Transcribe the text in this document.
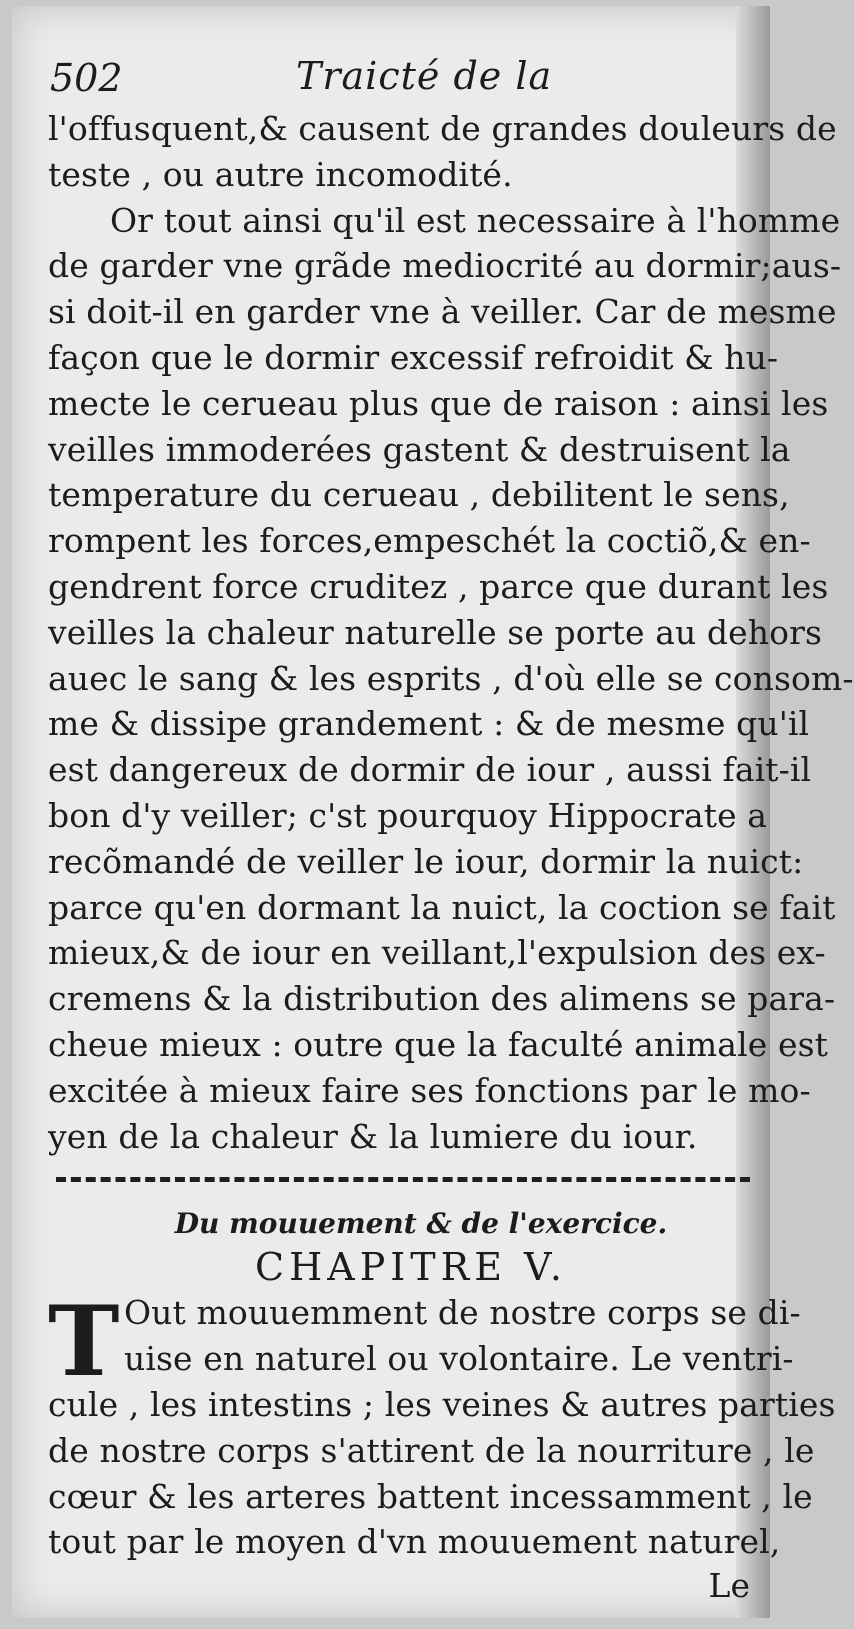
502	Traicté de la
l'offusquent,& causent de grandes douleurs de
teste , ou autre incomodité.
Or tout ainsi qu'il est necessaire à l'homme
de garder vne grãde mediocrité au dormir;aus-
si doit-il en garder vne à veiller. Car de mesme
façon que le dormir excessif refroidit & hu-
mecte le cerueau plus que de raison : ainsi les
veilles immoderées gastent & destruisent la
temperature du cerueau , debilitent le sens,
rompent les forces,empeschét la coctiõ,& en-
gendrent force cruditez , parce que durant les
veilles la chaleur naturelle se porte au dehors
auec le sang & les esprits , d'où elle se consom-
me & dissipe grandement : & de mesme qu'il
est dangereux de dormir de iour , aussi fait-il
bon d'y veiller; c'st pourquoy Hippocrate a
recõmandé de veiller le iour, dormir la nuict:
parce qu'en dormant la nuict, la coction se fait
mieux,& de iour en veillant,l'expulsion des ex-
cremens & la distribution des alimens se para-
cheue mieux : outre que la faculté animale est
excitée à mieux faire ses fonctions par le mo-
yen de la chaleur & la lumiere du iour.
Du mouuement & de l'exercice.
CHAPITRE V.
T Out mouuemment de nostre corps se di-
uise en naturel ou volontaire. Le ventri-
cule , les intestins ; les veines & autres parties
de nostre corps s'attirent de la nourriture , le
cœur & les arteres battent incessamment , le
tout par le moyen d'vn mouuement naturel,
Le
